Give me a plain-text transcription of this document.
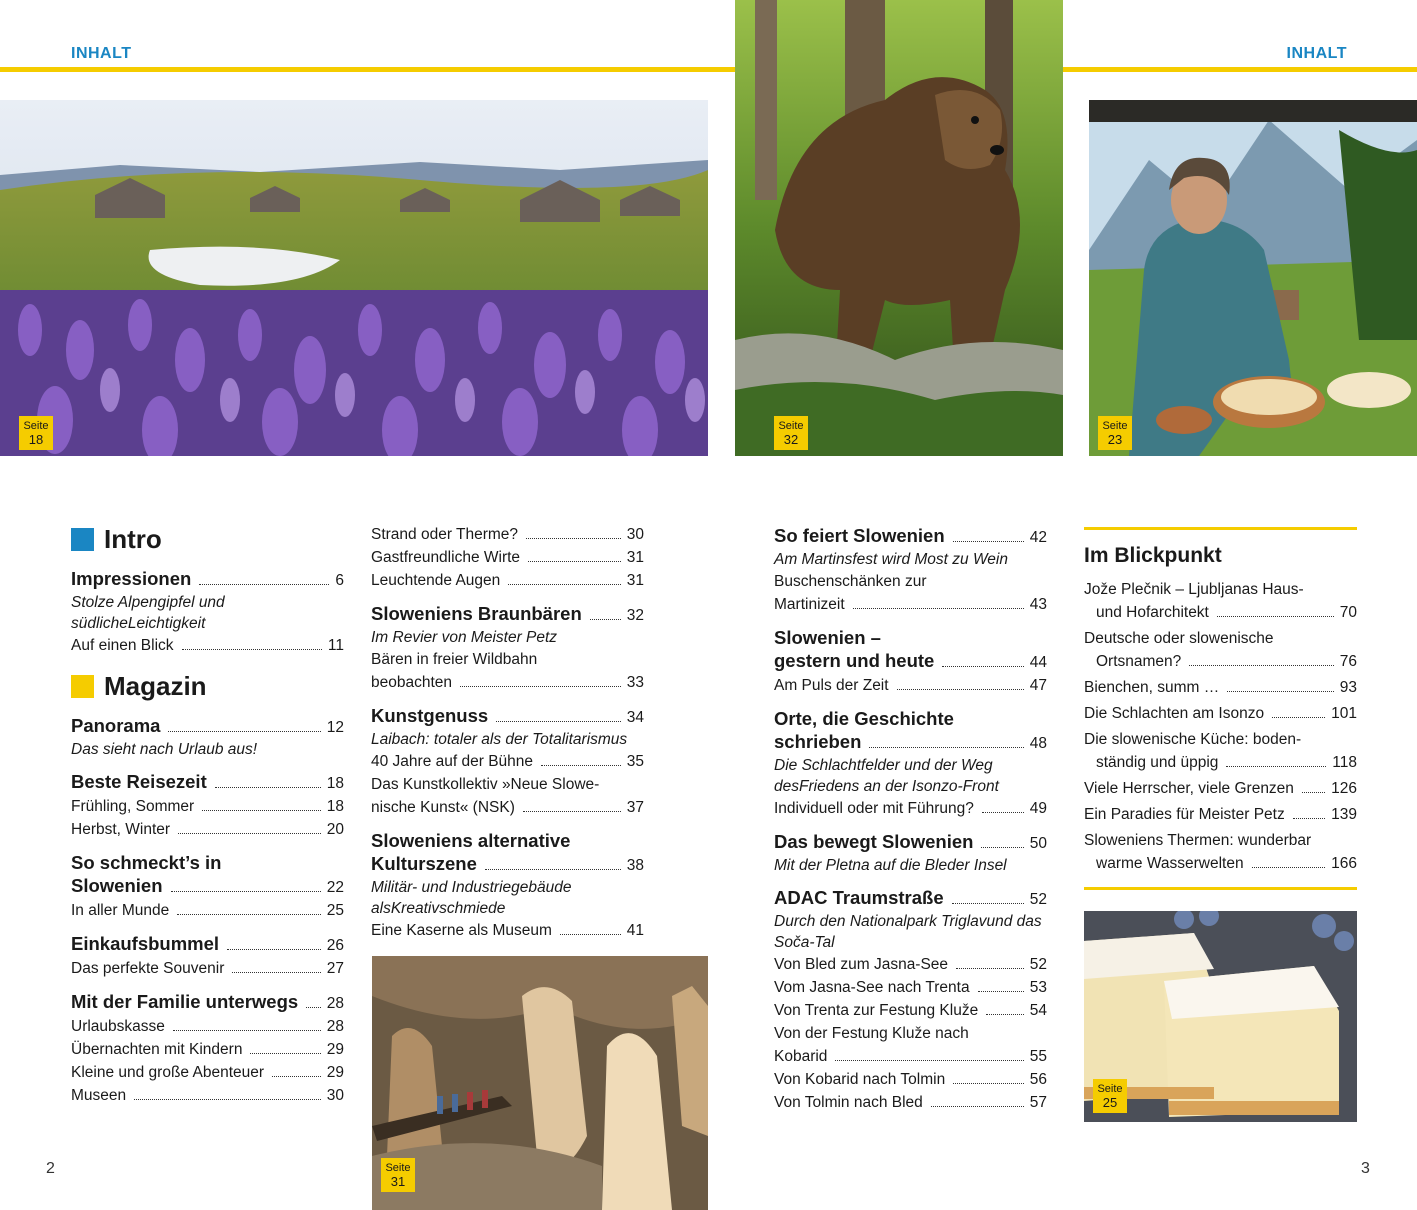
INHALT	INHALT
Seite
18
Seite
32
Seite
23
Intro
Impressionen	6
Stolze Alpengipfel und südlicheLeichtigkeit
Auf einen Blick	11
Magazin
Panorama	12
Das sieht nach Urlaub aus!
Beste Reisezeit	18
Frühling, Sommer	18
Herbst, Winter	20
So schmeckt’s in
Slowenien	22
In aller Munde	25
Einkaufsbummel	26
Das perfekte Souvenir	27
Mit der Familie unterwegs 28
Urlaubskasse	28
Übernachten mit Kindern	29
Kleine und große Abenteuer	29
Museen	30
Strand oder Therme?	30
Gastfreundliche Wirte	31
Leuchtende Augen	31
Sloweniens Braunbären	32
Im Revier von Meister Petz
Bären in freier Wildbahn
beobachten	33
Kunstgenuss	34
Laibach: totaler als der Totalitarismus
40 Jahre auf der Bühne	35
Das Kunstkollektiv »Neue Slowe-
nische Kunst« (NSK)	37
Sloweniens alternative
Kulturszene	38
Militär- und Industriegebäude alsKreativschmiede
Eine Kaserne als Museum	41
Seite
31
So feiert Slowenien	42
Am Martinsfest wird Most zu Wein
Buschenschänken zur
Martinizeit	43
Slowenien –
gestern und heute	44
Am Puls der Zeit	47
Orte, die Geschichte
schrieben	48
Die Schlachtfelder und der Weg desFriedens an der Isonzo-Front
Individuell oder mit Führung?	49
Das bewegt Slowenien	50
Mit der Pletna auf die Bleder Insel
ADAC Traumstraße	52
Durch den Nationalpark Triglavund das Soča-Tal
Von Bled zum Jasna-See	52
Vom Jasna-See nach Trenta	53
Von Trenta zur Festung Kluže	54
Von der Festung Kluže nach
Kobarid	55
Von Kobarid nach Tolmin	56
Von Tolmin nach Bled	57
Im Blickpunkt
Jože Plečnik – Ljubljanas Haus-
und Hofarchitekt	70
Deutsche oder slowenische
Ortsnamen?	76
Bienchen, summ …	93
Die Schlachten am Isonzo	101
Die slowenische Küche: boden-
ständig und üppig	118
Viele Herrscher, viele Grenzen 126
Ein Paradies für Meister Petz	139
Sloweniens Thermen: wunderbar
warme Wasserwelten	166
Seite
25
2	3
